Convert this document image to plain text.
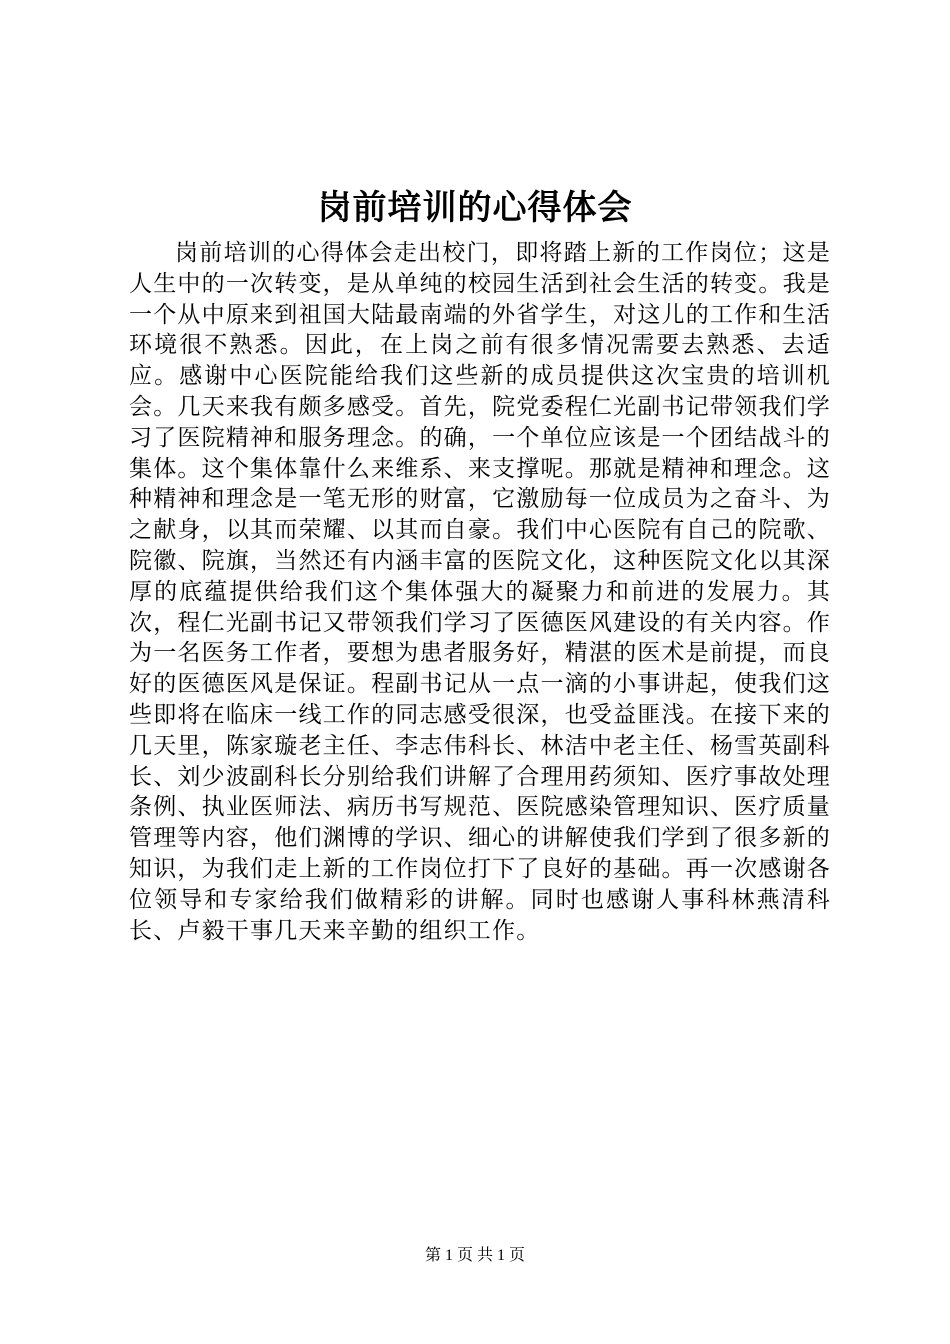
岗前培训的心得体会

岗前培训的心得体会走出校门，即将踏上新的工作岗位；这是人生中的一次转变，是从单纯的校园生活到社会生活的转变。我是一个从中原来到祖国大陆最南端的外省学生，对这儿的工作和生活环境很不熟悉。因此，在上岗之前有很多情况需要去熟悉、去适应。感谢中心医院能给我们这些新的成员提供这次宝贵的培训机会。几天来我有颇多感受。首先，院党委程仁光副书记带领我们学习了医院精神和服务理念。的确，一个单位应该是一个团结战斗的集体。这个集体靠什么来维系、来支撑呢。那就是精神和理念。这种精神和理念是一笔无形的财富，它激励每一位成员为之奋斗、为之献身，以其而荣耀、以其而自豪。我们中心医院有自己的院歌、院徽、院旗，当然还有内涵丰富的医院文化，这种医院文化以其深厚的底蕴提供给我们这个集体强大的凝聚力和前进的发展力。其次，程仁光副书记又带领我们学习了医德医风建设的有关内容。作为一名医务工作者，要想为患者服务好，精湛的医术是前提，而良好的医德医风是保证。程副书记从一点一滴的小事讲起，使我们这些即将在临床一线工作的同志感受很深，也受益匪浅。在接下来的几天里，陈家璇老主任、李志伟科长、林洁中老主任、杨雪英副科长、刘少波副科长分别给我们讲解了合理用药须知、医疗事故处理条例、执业医师法、病历书写规范、医院感染管理知识、医疗质量管理等内容，他们渊博的学识、细心的讲解使我们学到了很多新的知识，为我们走上新的工作岗位打下了良好的基础。再一次感谢各位领导和专家给我们做精彩的讲解。同时也感谢人事科林燕清科长、卢毅干事几天来辛勤的组织工作。

第 1 页 共 1 页
